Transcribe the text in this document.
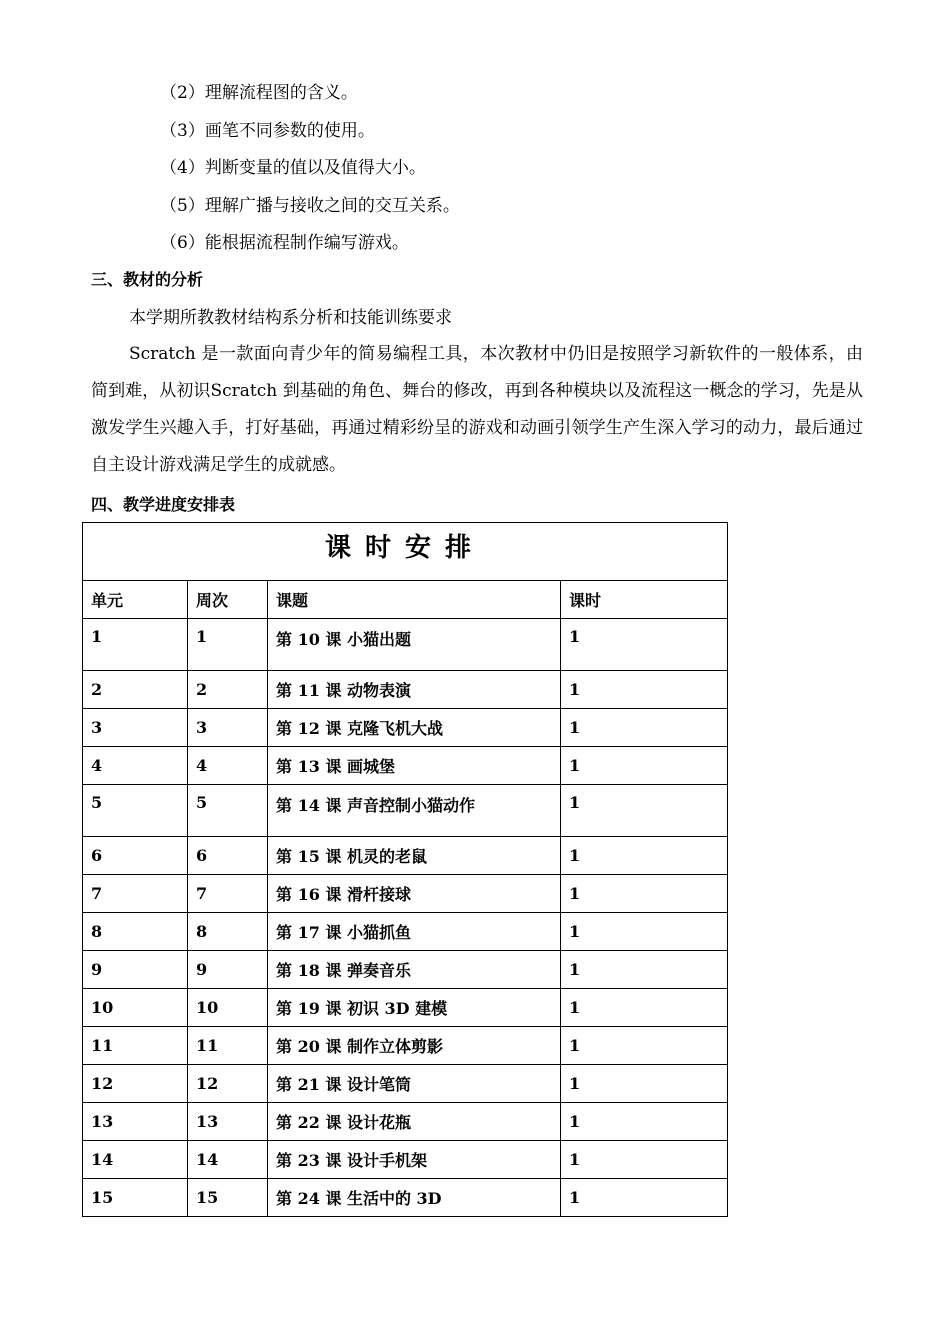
（2）理解流程图的含义。
（3）画笔不同参数的使用。
（4）判断变量的值以及值得大小。
（5）理解广播与接收之间的交互关系。
（6）能根据流程制作编写游戏。
三、教材的分析
本学期所教教材结构系分析和技能训练要求
Scratch 是一款面向青少年的简易编程工具，本次教材中仍旧是按照学习新软件的一般体系，由简到难，从初识Scratch 到基础的角色、舞台的修改，再到各种模块以及流程这一概念的学习，先是从激发学生兴趣入手，打好基础，再通过精彩纷呈的游戏和动画引领学生产生深入学习的动力，最后通过自主设计游戏满足学生的成就感。
四、教学进度安排表
课时安排			
单元	周次	课题	课时
1	1	第 10 课 小猫出题	1
2	2	第 11 课 动物表演	1
3	3	第 12 课 克隆飞机大战	1
4	4	第 13 课 画城堡	1
5	5	第 14 课 声音控制小猫动作	1
6	6	第 15 课 机灵的老鼠	1
7	7	第 16 课 滑杆接球	1
8	8	第 17 课 小猫抓鱼	1
9	9	第 18 课 弹奏音乐	1
10	10	第 19 课 初识 3D 建模	1
11	11	第 20 课 制作立体剪影	1
12	12	第 21 课 设计笔筒	1
13	13	第 22 课 设计花瓶	1
14	14	第 23 课 设计手机架	1
15	15	第 24 课 生活中的 3D	1
